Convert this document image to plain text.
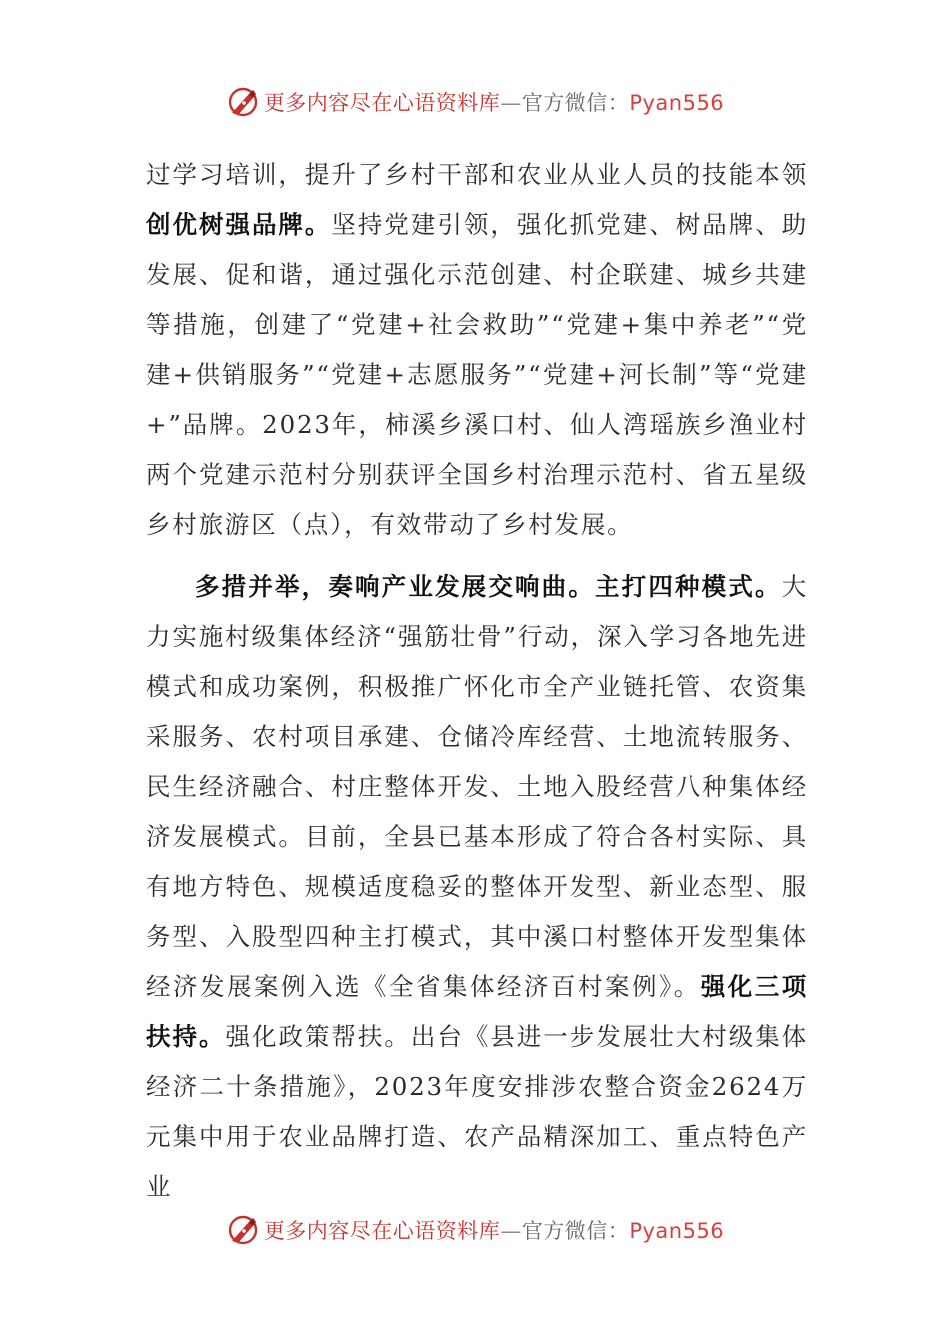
更多内容尽在心语资料库—官方微信：Pyan556

过学习培训，提升了乡村干部和农业从业人员的技能本领创优树强品牌。坚持党建引领，强化抓党建、树品牌、助发展、促和谐，通过强化示范创建、村企联建、城乡共建等措施，创建了“党建+社会救助”“党建+集中养老”“党建+供销服务”“党建+志愿服务”“党建+河长制”等“党建+”品牌。2023年，柿溪乡溪口村、仙人湾瑶族乡渔业村两个党建示范村分别获评全国乡村治理示范村、省五星级乡村旅游区（点），有效带动了乡村发展。

多措并举，奏响产业发展交响曲。主打四种模式。大力实施村级集体经济“强筋壮骨”行动，深入学习各地先进模式和成功案例，积极推广怀化市全产业链托管、农资集采服务、农村项目承建、仓储冷库经营、土地流转服务、民生经济融合、村庄整体开发、土地入股经营八种集体经济发展模式。目前，全县已基本形成了符合各村实际、具有地方特色、规模适度稳妥的整体开发型、新业态型、服务型、入股型四种主打模式，其中溪口村整体开发型集体经济发展案例入选《全省集体经济百村案例》。强化三项扶持。强化政策帮扶。出台《县进一步发展壮大村级集体经济二十条措施》，2023年度安排涉农整合资金2624万元集中用于农业品牌打造、农产品精深加工、重点特色产业

更多内容尽在心语资料库—官方微信：Pyan556
